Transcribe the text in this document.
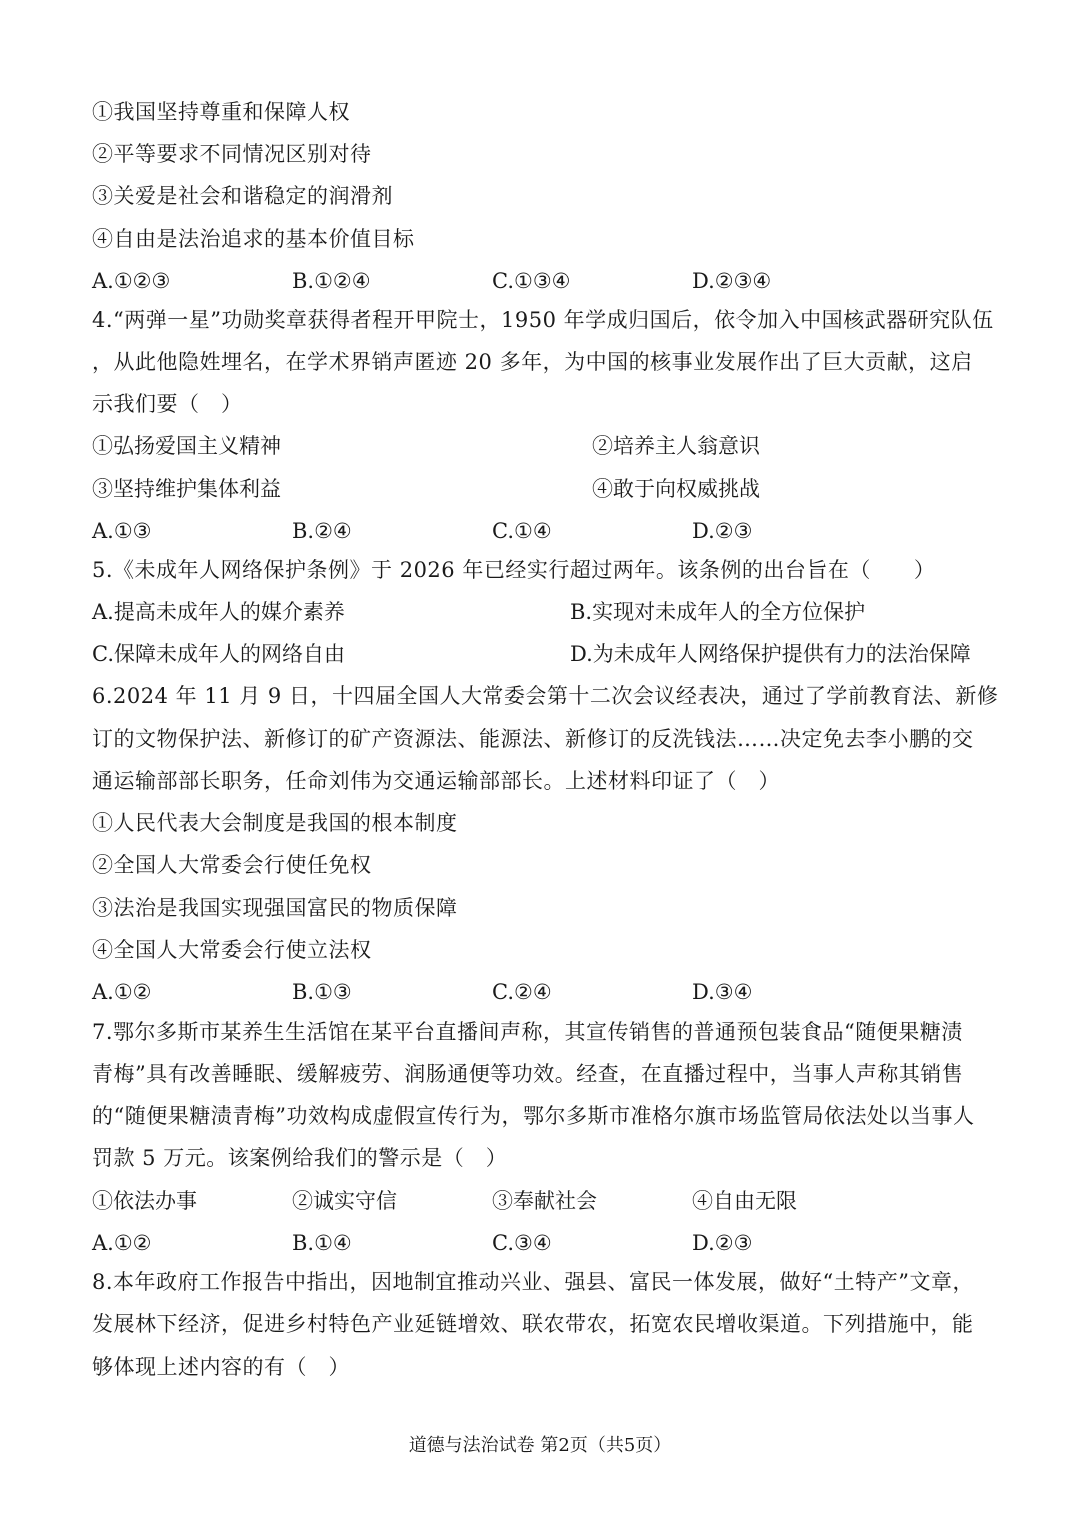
①我国坚持尊重和保障人权
②平等要求不同情况区别对待
③关爱是社会和谐稳定的润滑剂
④自由是法治追求的基本价值目标
A.①②③	B.①②④	C.①③④	D.②③④
4.“两弹一星”功勋奖章获得者程开甲院士，1950 年学成归国后，依令加入中国核武器研究队伍
，从此他隐姓埋名，在学术界销声匿迹 20 多年，为中国的核事业发展作出了巨大贡献，这启
示我们要（　）
①弘扬爱国主义精神	②培养主人翁意识
③坚持维护集体利益	④敢于向权威挑战
A.①③	B.②④	C.①④	D.②③
5.《未成年人网络保护条例》于 2026 年已经实行超过两年。该条例的出台旨在（　　）
A.提高未成年人的媒介素养	B.实现对未成年人的全方位保护
C.保障未成年人的网络自由	D.为未成年人网络保护提供有力的法治保障
6.2024 年 11 月 9 日，十四届全国人大常委会第十二次会议经表决，通过了学前教育法、新修
订的文物保护法、新修订的矿产资源法、能源法、新修订的反洗钱法……决定免去李小鹏的交
通运输部部长职务，任命刘伟为交通运输部部长。上述材料印证了（　）
①人民代表大会制度是我国的根本制度
②全国人大常委会行使任免权
③法治是我国实现强国富民的物质保障
④全国人大常委会行使立法权
A.①②	B.①③	C.②④	D.③④
7.鄂尔多斯市某养生生活馆在某平台直播间声称，其宣传销售的普通预包装食品“随便果糖渍
青梅”具有改善睡眠、缓解疲劳、润肠通便等功效。经查，在直播过程中，当事人声称其销售
的“随便果糖渍青梅”功效构成虚假宣传行为，鄂尔多斯市准格尔旗市场监管局依法处以当事人
罚款 5 万元。该案例给我们的警示是（　）
①依法办事	②诚实守信	③奉献社会	④自由无限
A.①②	B.①④	C.③④	D.②③
8.本年政府工作报告中指出，因地制宜推动兴业、强县、富民一体发展，做好“土特产”文章，
发展林下经济，促进乡村特色产业延链增效、联农带农，拓宽农民增收渠道。下列措施中，能
够体现上述内容的有（　）
道德与法治试卷 第2页（共5页）
